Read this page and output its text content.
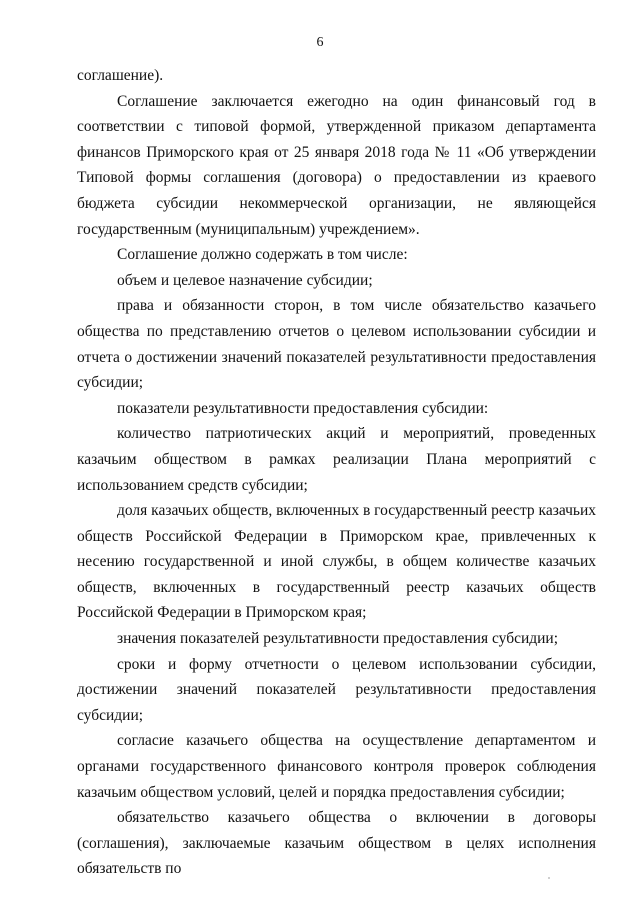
6

соглашение).

Соглашение заключается ежегодно на один финансовый год в соответствии с типовой формой, утвержденной приказом департамента финансов Приморского края от 25 января 2018 года № 11 «Об утверждении Типовой формы соглашения (договора) о предоставлении из краевого бюджета субсидии некоммерческой организации, не являющейся государственным (муниципальным) учреждением».

Соглашение должно содержать в том числе:

объем и целевое назначение субсидии;

права и обязанности сторон, в том числе обязательство казачьего общества по представлению отчетов о целевом использовании субсидии и отчета о достижении значений показателей результативности предоставления субсидии;

показатели результативности предоставления субсидии:

количество патриотических акций и мероприятий, проведенных казачьим обществом в рамках реализации Плана мероприятий с использованием средств субсидии;

доля казачьих обществ, включенных в государственный реестр казачьих обществ Российской Федерации в Приморском крае, привлеченных к несению государственной и иной службы, в общем количестве казачьих обществ, включенных в государственный реестр казачьих обществ Российской Федерации в Приморском края;

значения показателей результативности предоставления субсидии;

сроки и форму отчетности о целевом использовании субсидии, достижении значений показателей результативности предоставления субсидии;

согласие казачьего общества на осуществление департаментом и органами государственного финансового контроля проверок соблюдения казачьим обществом условий, целей и порядка предоставления субсидии;

обязательство казачьего общества о включении в договоры (соглашения), заключаемые казачьим обществом в целях исполнения обязательств по
